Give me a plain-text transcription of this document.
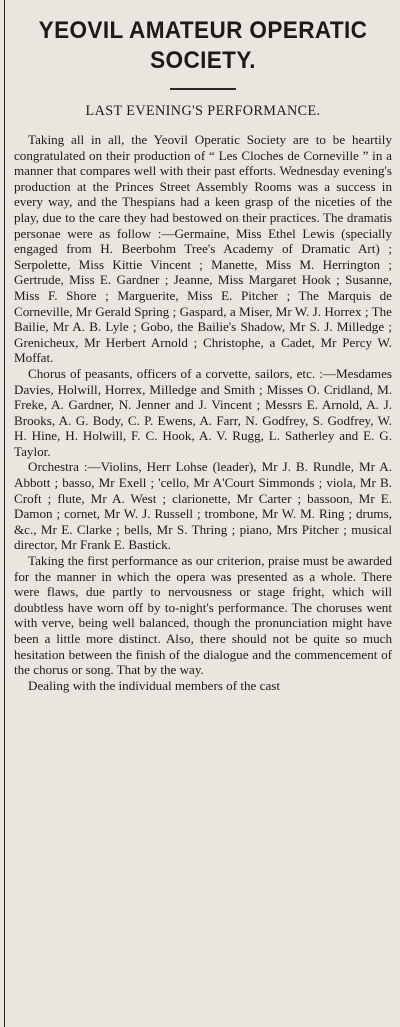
YEOVIL AMATEUR OPERATIC
SOCIETY.
LAST EVENING'S PERFORMANCE.

Taking all in all, the Yeovil Operatic Society are to be heartily congratulated on their production of “ Les Cloches de Corneville ” in a manner that compares well with their past efforts. Wednesday evening's production at the Princes Street Assembly Rooms was a success in every way, and the Thespians had a keen grasp of the niceties of the play, due to the care they had bestowed on their practices. The dramatis personae were as follow :—Germaine, Miss Ethel Lewis (specially engaged from H. Beerbohm Tree's Academy of Dramatic Art) ; Serpolette, Miss Kittie Vincent ; Manette, Miss M. Herrington ; Gertrude, Miss E. Gardner ; Jeanne, Miss Margaret Hook ; Susanne, Miss F. Shore ; Marguerite, Miss E. Pitcher ; The Marquis de Corneville, Mr Gerald Spring ; Gaspard, a Miser, Mr W. J. Horrex ; The Bailie, Mr A. B. Lyle ; Gobo, the Bailie's Shadow, Mr S. J. Milledge ; Grenicheux, Mr Herbert Arnold ; Christophe, a Cadet, Mr Percy W. Moffat.

Chorus of peasants, officers of a corvette, sailors, etc. :—Mesdames Davies, Holwill, Horrex, Milledge and Smith ; Misses O. Cridland, M. Freke, A. Gardner, N. Jenner and J. Vincent ; Messrs E. Arnold, A. J. Brooks, A. G. Body, C. P. Ewens, A. Farr, N. Godfrey, S. Godfrey, W. H. Hine, H. Holwill, F. C. Hook, A. V. Rugg, L. Satherley and E. G. Taylor.

Orchestra :—Violins, Herr Lohse (leader), Mr J. B. Rundle, Mr A. Abbott ; basso, Mr Exell ; 'cello, Mr A'Court Simmonds ; viola, Mr B. Croft ; flute, Mr A. West ; clarionette, Mr Carter ; bassoon, Mr E. Damon ; cornet, Mr W. J. Russell ; trombone, Mr W. M. Ring ; drums, &c., Mr E. Clarke ; bells, Mr S. Thring ; piano, Mrs Pitcher ; musical director, Mr Frank E. Bastick.

Taking the first performance as our criterion, praise must be awarded for the manner in which the opera was presented as a whole. There were flaws, due partly to nervousness or stage fright, which will doubtless have worn off by to-night's performance. The choruses went with verve, being well balanced, though the pronunciation might have been a little more distinct. Also, there should not be quite so much hesitation between the finish of the dialogue and the commencement of the chorus or song. That by the way.

Dealing with the individual members of the cast
